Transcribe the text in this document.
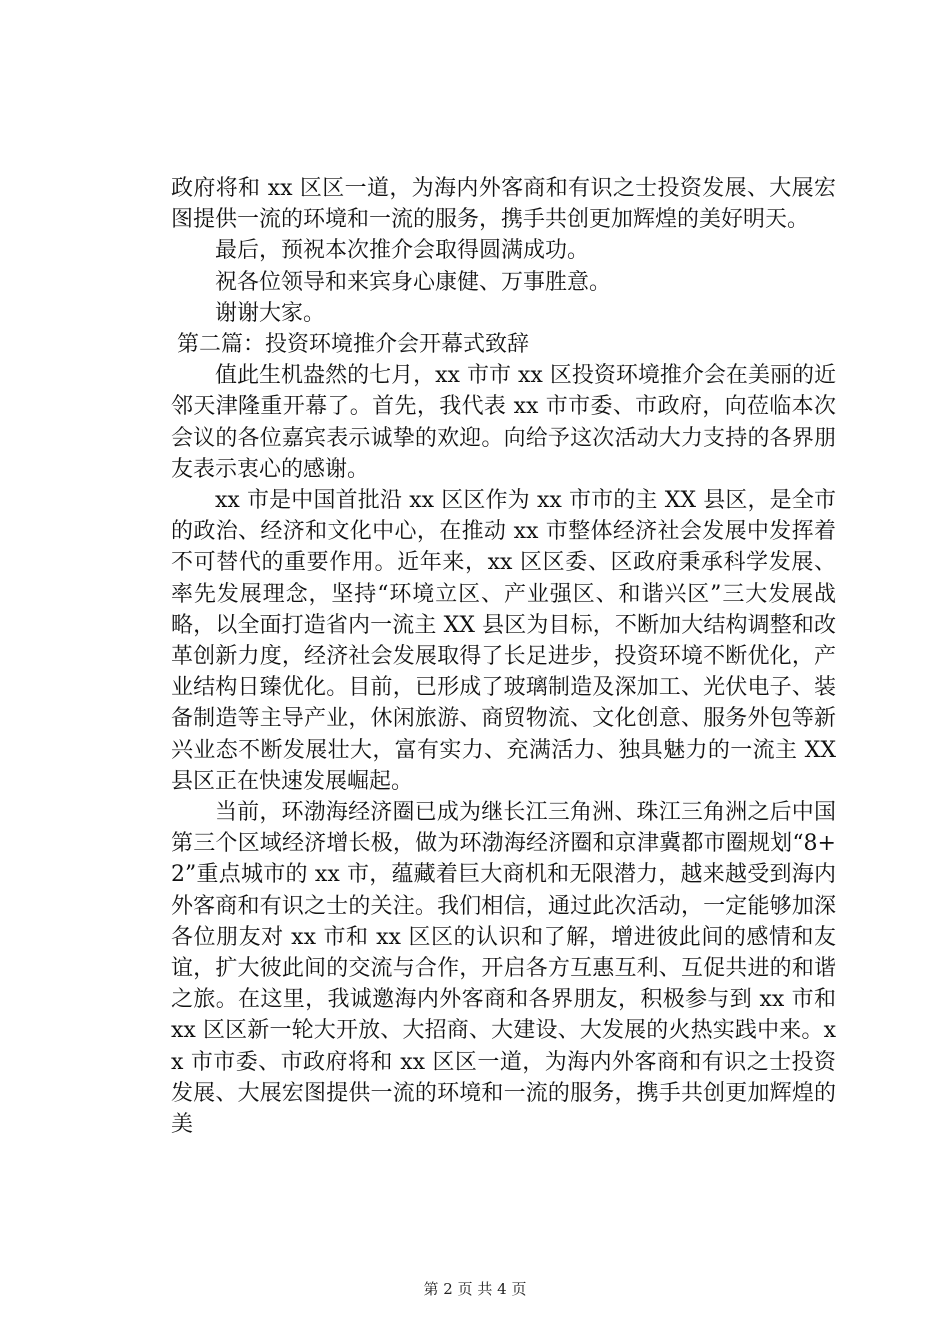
政府将和 xx 区区一道，为海内外客商和有识之士投资发展、大展宏图提供一流的环境和一流的服务，携手共创更加辉煌的美好明天。

最后，预祝本次推介会取得圆满成功。

祝各位领导和来宾身心康健、万事胜意。

谢谢大家。

第二篇：投资环境推介会开幕式致辞

值此生机盎然的七月，xx 市市 xx 区投资环境推介会在美丽的近邻天津隆重开幕了。首先，我代表 xx 市市委、市政府，向莅临本次会议的各位嘉宾表示诚挚的欢迎。向给予这次活动大力支持的各界朋友表示衷心的感谢。

xx 市是中国首批沿 xx 区区作为 xx 市市的主 XX 县区，是全市的政治、经济和文化中心，在推动 xx 市整体经济社会发展中发挥着不可替代的重要作用。近年来，xx 区区委、区政府秉承科学发展、率先发展理念，坚持“环境立区、产业强区、和谐兴区”三大发展战略，以全面打造省内一流主 XX 县区为目标，不断加大结构调整和改革创新力度，经济社会发展取得了长足进步，投资环境不断优化，产业结构日臻优化。目前，已形成了玻璃制造及深加工、光伏电子、装备制造等主导产业，休闲旅游、商贸物流、文化创意、服务外包等新兴业态不断发展壮大，富有实力、充满活力、独具魅力的一流主 XX 县区正在快速发展崛起。

当前，环渤海经济圈已成为继长江三角洲、珠江三角洲之后中国第三个区域经济增长极，做为环渤海经济圈和京津冀都市圈规划“8+2”重点城市的 xx 市，蕴藏着巨大商机和无限潜力，越来越受到海内外客商和有识之士的关注。我们相信，通过此次活动，一定能够加深各位朋友对 xx 市和 xx 区区的认识和了解，增进彼此间的感情和友谊，扩大彼此间的交流与合作，开启各方互惠互利、互促共进的和谐之旅。在这里，我诚邀海内外客商和各界朋友，积极参与到 xx 市和 xx 区区新一轮大开放、大招商、大建设、大发展的火热实践中来。xx 市市委、市政府将和 xx 区区一道，为海内外客商和有识之士投资发展、大展宏图提供一流的环境和一流的服务，携手共创更加辉煌的美

第 2 页 共 4 页
